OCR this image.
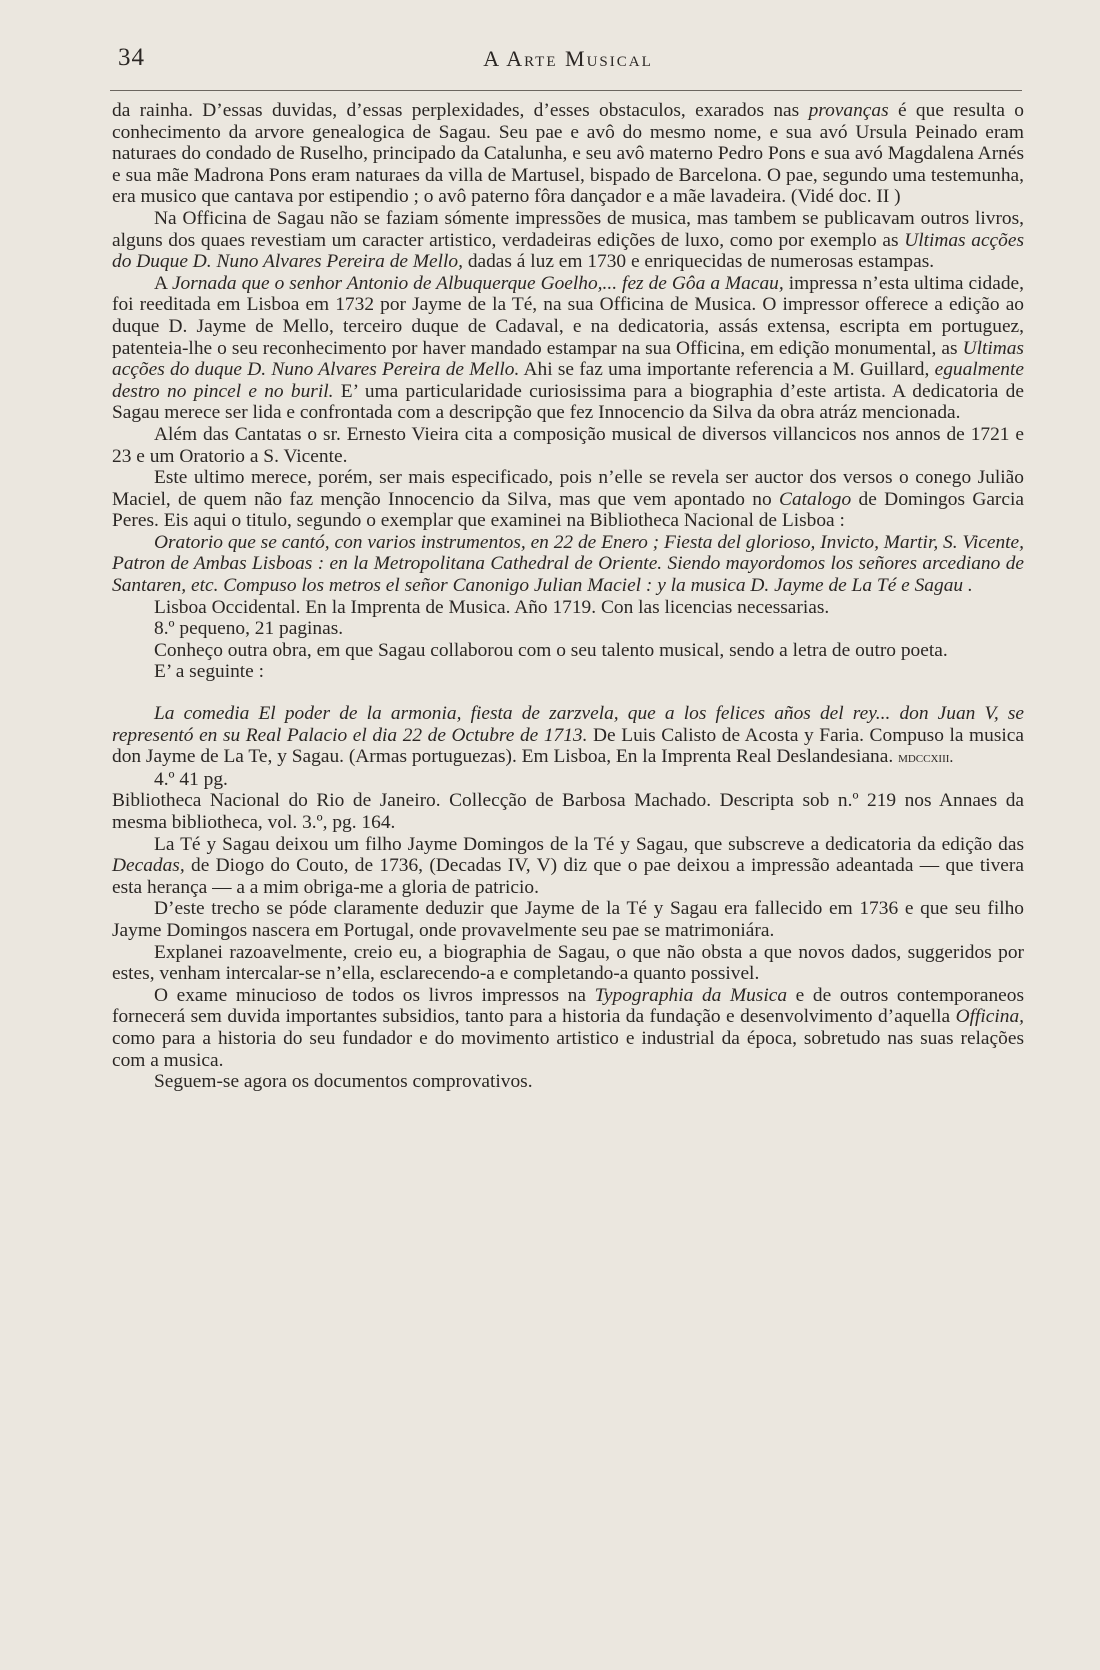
34	A Arte Musical

da rainha. D’essas duvidas, d’essas perplexidades, d’esses obstaculos, exarados nas provanças é que resulta o conhecimento da arvore genealogica de Sagau. Seu pae e avô do mesmo nome, e sua avó Ursula Peinado eram naturaes do condado de Ruselho, principado da Catalunha, e seu avô materno Pedro Pons e sua avó Magdalena Arnés e sua mãe Madrona Pons eram naturaes da villa de Martusel, bispado de Barcelona. O pae, segundo uma testemunha, era musico que cantava por estipendio ; o avô paterno fôra dançador e a mãe lavadeira. (Vidé doc. II )

Na Officina de Sagau não se faziam sómente impressões de musica, mas tambem se publicavam outros livros, alguns dos quaes revestiam um caracter artistico, verdadeiras edições de luxo, como por exemplo as Ultimas acções do Duque D. Nuno Alvares Pereira de Mello, dadas á luz em 1730 e enriquecidas de numerosas estampas.

A Jornada que o senhor Antonio de Albuquerque Goelho,... fez de Gôa a Macau, impressa n’esta ultima cidade, foi reeditada em Lisboa em 1732 por Jayme de la Té, na sua Officina de Musica. O impressor offerece a edição ao duque D. Jayme de Mello, terceiro duque de Cadaval, e na dedicatoria, assás extensa, escripta em portuguez, patenteia-lhe o seu reconhecimento por haver mandado estampar na sua Officina, em edição monumental, as Ultimas acções do duque D. Nuno Alvares Pereira de Mello. Ahi se faz uma importante referencia a M. Guillard, egualmente destro no pincel e no buril. E’ uma particularidade curiosissima para a biographia d’este artista. A dedicatoria de Sagau merece ser lida e confrontada com a descripção que fez Innocencio da Silva da obra atráz mencionada.

Além das Cantatas o sr. Ernesto Vieira cita a composição musical de diversos villancicos nos annos de 1721 e 23 e um Oratorio a S. Vicente.

Este ultimo merece, porém, ser mais especificado, pois n’elle se revela ser auctor dos versos o conego Julião Maciel, de quem não faz menção Innocencio da Silva, mas que vem apontado no Catalogo de Domingos Garcia Peres. Eis aqui o titulo, segundo o exemplar que examinei na Bibliotheca Nacional de Lisboa :

Oratorio que se cantó, con varios instrumentos, en 22 de Enero ; Fiesta del glorioso, Invicto, Martir, S. Vicente, Patron de Ambas Lisboas : en la Metropolitana Cathedral de Oriente. Siendo mayordomos los señores arcediano de Santaren, etc. Compuso los metros el señor Canonigo Julian Maciel : y la musica D. Jayme de La Té e Sagau .

Lisboa Occidental. En la Imprenta de Musica. Año 1719. Con las licencias necessarias.

8.º pequeno, 21 paginas.

Conheço outra obra, em que Sagau collaborou com o seu talento musical, sendo a letra de outro poeta.

E’ a seguinte :

La comedia El poder de la armonia, fiesta de zarzvela, que a los felices años del rey... don Juan V, se representó en su Real Palacio el dia 22 de Octubre de 1713. De Luis Calisto de Acosta y Faria. Compuso la musica don Jayme de La Te, y Sagau. (Armas portuguezas). Em Lisboa, En la Imprenta Real Deslandesiana. mdccxiii.

4.º 41 pg.

Bibliotheca Nacional do Rio de Janeiro. Collecção de Barbosa Machado. Descripta sob n.º 219 nos Annaes da mesma bibliotheca, vol. 3.º, pg. 164.

La Té y Sagau deixou um filho Jayme Domingos de la Té y Sagau, que subscreve a dedicatoria da edição das Decadas, de Diogo do Couto, de 1736, (Decadas IV, V) diz que o pae deixou a impressão adeantada — que tivera esta herança — a a mim obriga-me a gloria de patricio.

D’este trecho se póde claramente deduzir que Jayme de la Té y Sagau era fallecido em 1736 e que seu filho Jayme Domingos nascera em Portugal, onde provavelmente seu pae se matrimoniára.

Explanei razoavelmente, creio eu, a biographia de Sagau, o que não obsta a que novos dados, suggeridos por estes, venham intercalar-se n’ella, esclarecendo-a e completando-a quanto possivel.

O exame minucioso de todos os livros impressos na Typographia da Musica e de outros contemporaneos fornecerá sem duvida importantes subsidios, tanto para a historia da fundação e desenvolvimento d’aquella Officina, como para a historia do seu fundador e do movimento artistico e industrial da época, sobretudo nas suas relações com a musica.

Seguem-se agora os documentos comprovativos.
